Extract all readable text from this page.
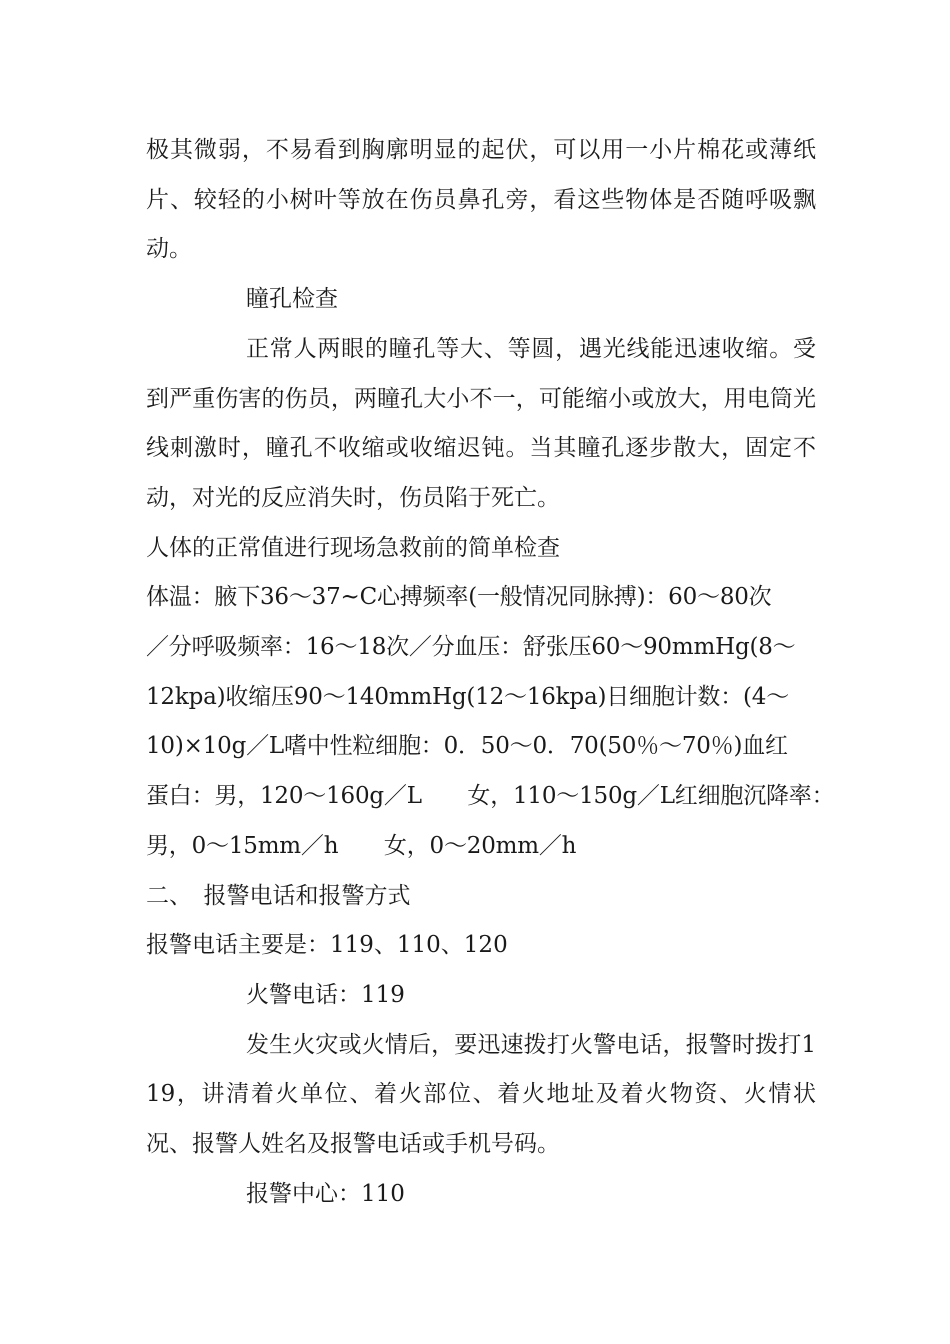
极其微弱，不易看到胸廓明显的起伏，可以用一小片棉花或薄纸片、较轻的小树叶等放在伤员鼻孔旁，看这些物体是否随呼吸飘动。

瞳孔检查

正常人两眼的瞳孔等大、等圆，遇光线能迅速收缩。受到严重伤害的伤员，两瞳孔大小不一，可能缩小或放大，用电筒光线刺激时，瞳孔不收缩或收缩迟钝。当其瞳孔逐步散大，固定不动，对光的反应消失时，伤员陷于死亡。

人体的正常值进行现场急救前的简单检查

体温：腋下36～37~C心搏频率(一般情况同脉搏)：60～80次
／分呼吸频率：16～18次／分血压：舒张压60～90mmHg(8～
12kpa)收缩压90～140mmHg(12～16kpa)日细胞计数：(4～
10)×10g／L嗜中性粒细胞：0．50～0．70(50％～70％)血红
蛋白：男，120～160g／L　　女，110～150g／L红细胞沉降率：
男，0～15mm／h　　女，0～20mm／h

二、　报警电话和报警方式

报警电话主要是：119、110、120

火警电话：119

发生火灾或火情后，要迅速拨打火警电话，报警时拨打119，讲清着火单位、着火部位、着火地址及着火物资、火情状况、报警人姓名及报警电话或手机号码。

报警中心：110
